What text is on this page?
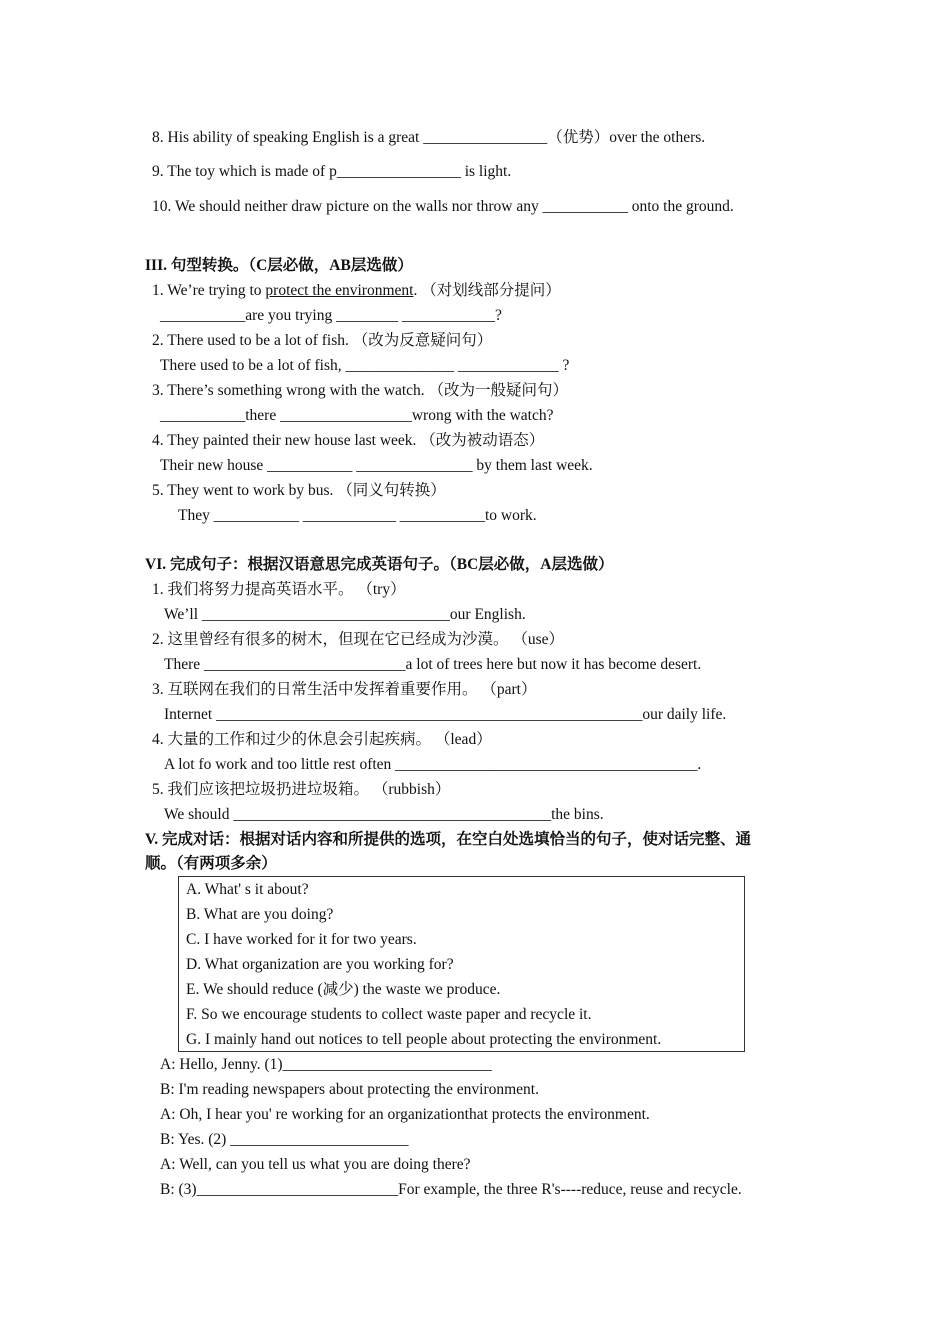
8. His ability of speaking English is a great ________________（优势）over the others.
9. The toy which is made of p________________ is light.
10. We should neither draw picture on the walls nor throw any ___________ onto the ground.
III. 句型转换。（C层必做，AB层选做）
1. We’re trying to protect the environment. （对划线部分提问）
___________are you trying ________ ____________?
2. There used to be a lot of fish. （改为反意疑问句）
There used to be a lot of fish, ______________ _____________ ?
3. There’s something wrong with the watch. （改为一般疑问句）
___________there _________________wrong with the watch?
4. They painted their new house last week. （改为被动语态）
Their new house ___________ _______________ by them last week.
5. They went to work by bus. （同义句转换）
They ___________ ____________ ___________to work.
VI. 完成句子：根据汉语意思完成英语句子。（BC层必做，A层选做）
1. 我们将努力提高英语水平。 （try）
We’ll ________________________________our English.
2. 这里曾经有很多的树木，但现在它已经成为沙漠。 （use）
There __________________________a lot of trees here but now it has become desert.
3. 互联网在我们的日常生活中发挥着重要作用。 （part）
Internet _______________________________________________________our daily life.
4. 大量的工作和过少的休息会引起疾病。 （lead）
A lot fo work and too little rest often _______________________________________.
5. 我们应该把垃圾扔进垃圾箱。 （rubbish）
We should _________________________________________the bins.
V. 完成对话：根据对话内容和所提供的选项，在空白处选填恰当的句子，使对话完整、通
顺。（有两项多余）
A. What' s it about?
B. What are you doing?
C. I have worked for it for two years.
D. What organization are you working for?
E. We should reduce (减少) the waste we produce.
F. So we encourage students to collect waste paper and recycle it.
G. I mainly hand out notices to tell people about protecting the environment.
A: Hello, Jenny. (1)___________________________
B: I'm reading newspapers about protecting the environment.
A: Oh, I hear you' re working for an organizationthat protects the environment.
B: Yes. (2) _______________________
A: Well, can you tell us what you are doing there?
B: (3)__________________________For example, the three R's----reduce, reuse and recycle.
